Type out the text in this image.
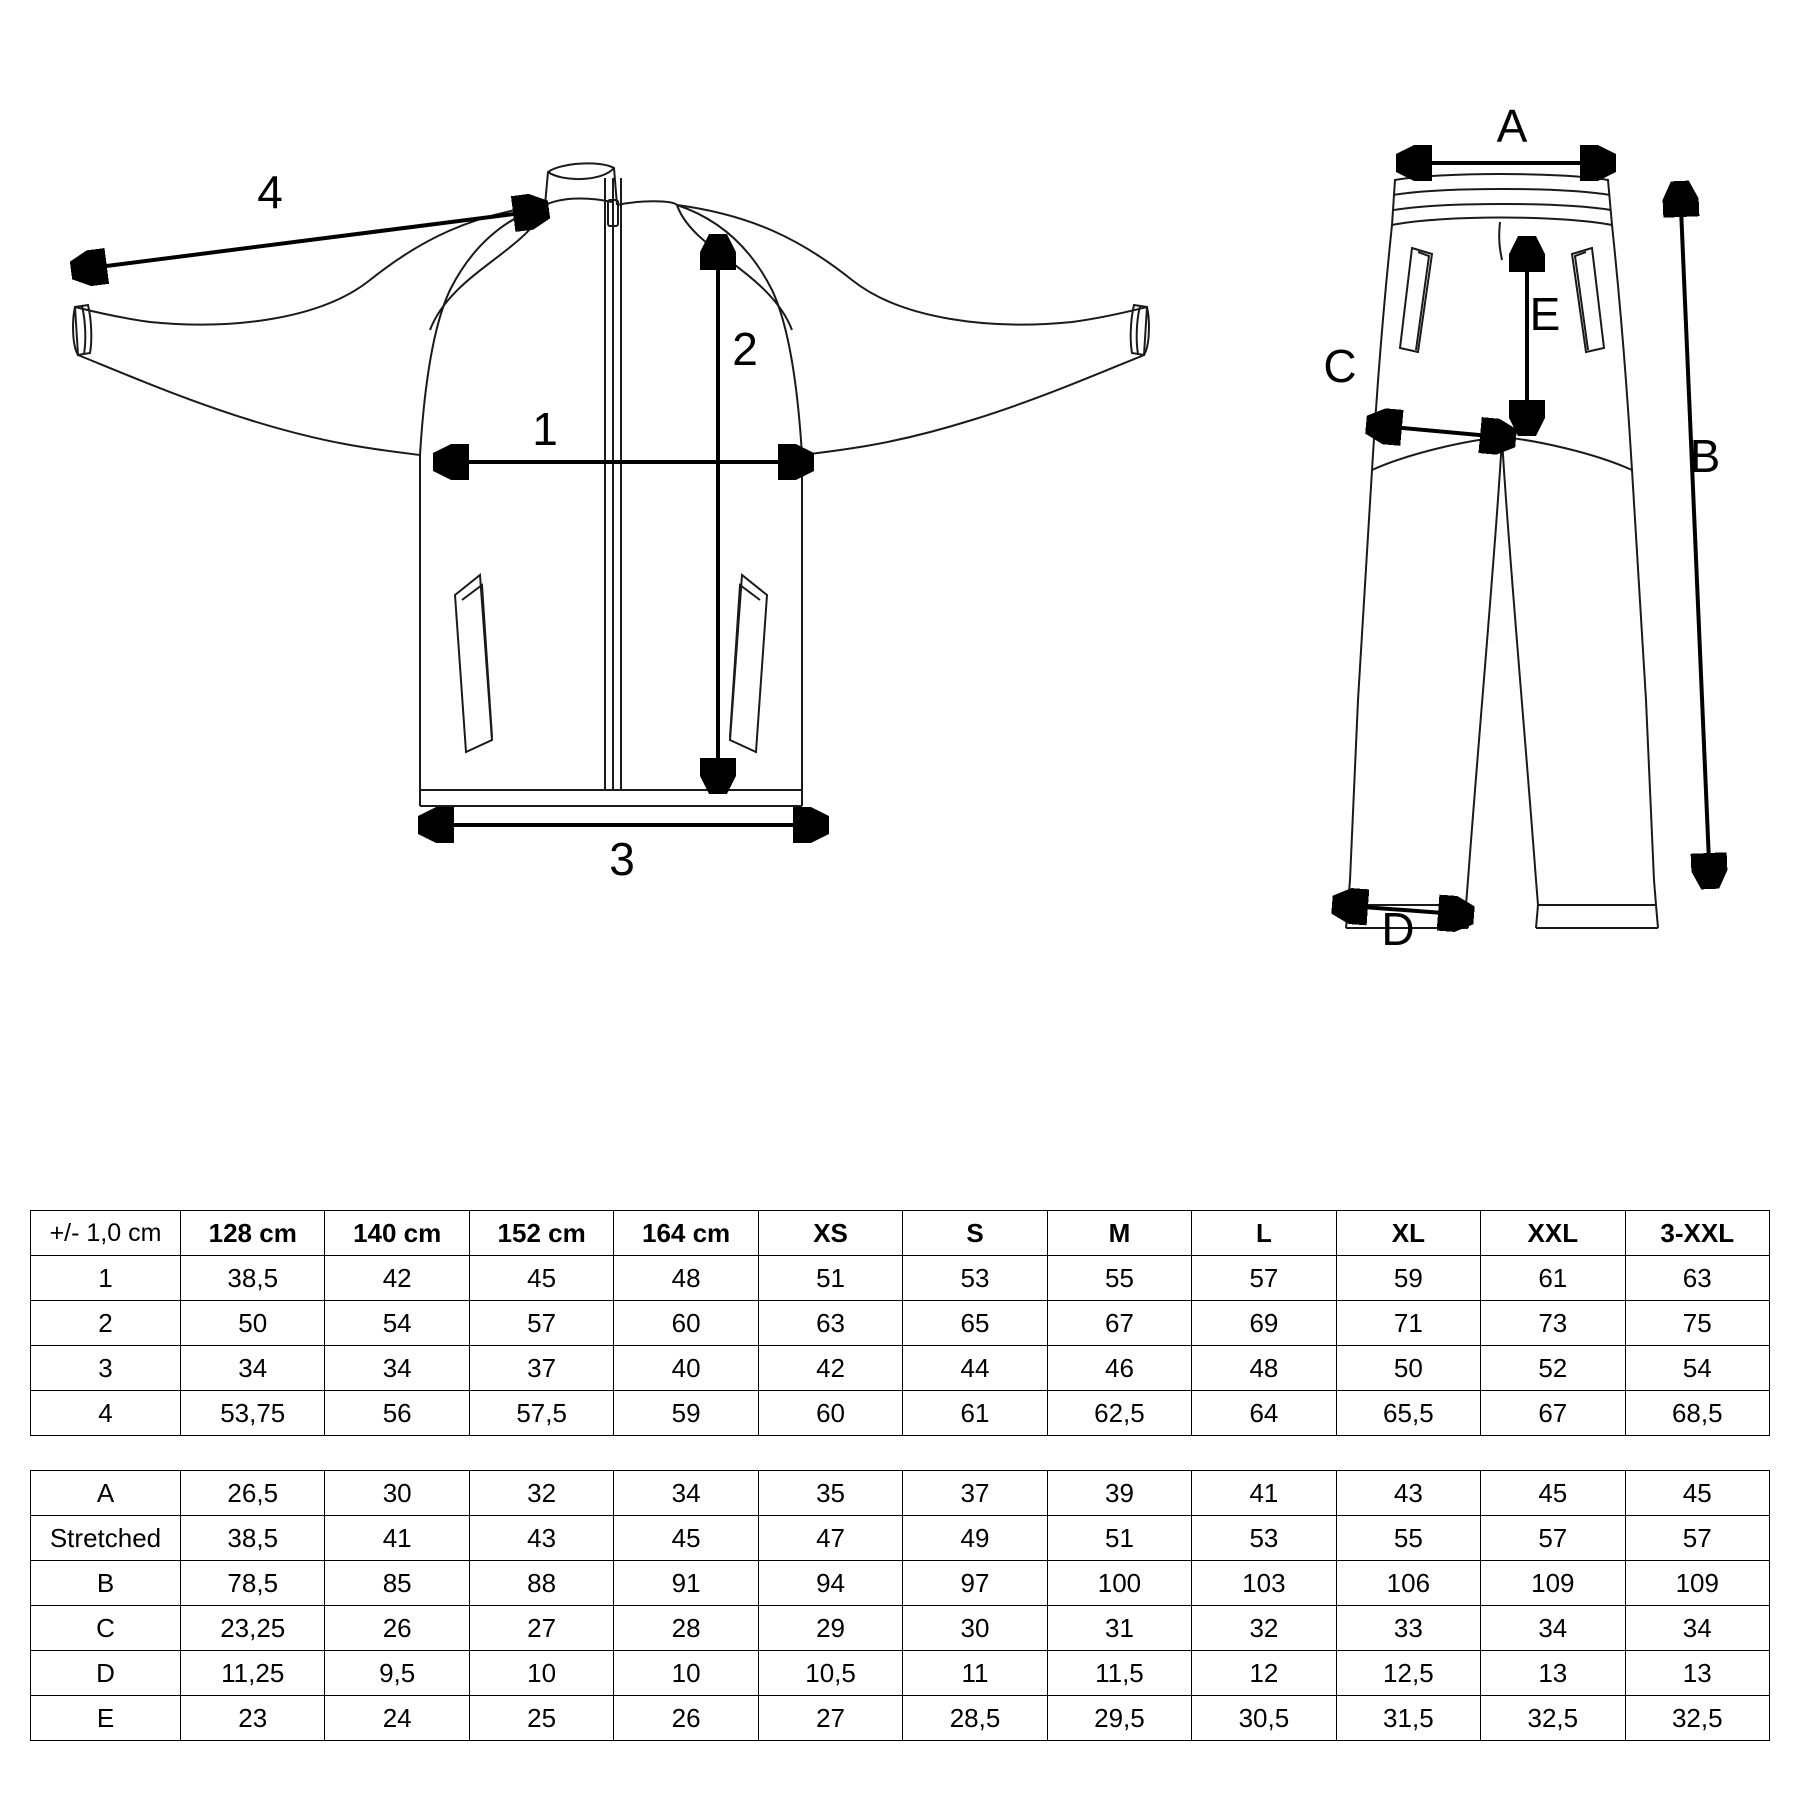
1
2
3
4
A
B
C
D
E
+/- 1,0 cm	128 cm	140 cm	152 cm	164 cm	XS	S	M	L	XL	XXL	3-XXL
1	38,5	42	45	48	51	53	55	57	59	61	63
2	50	54	57	60	63	65	67	69	71	73	75
3	34	34	37	40	42	44	46	48	50	52	54
4	53,75	56	57,5	59	60	61	62,5	64	65,5	67	68,5
A	26,5	30	32	34	35	37	39	41	43	45	45
Stretched	38,5	41	43	45	47	49	51	53	55	57	57
B	78,5	85	88	91	94	97	100	103	106	109	109
C	23,25	26	27	28	29	30	31	32	33	34	34
D	11,25	9,5	10	10	10,5	11	11,5	12	12,5	13	13
E	23	24	25	26	27	28,5	29,5	30,5	31,5	32,5	32,5
